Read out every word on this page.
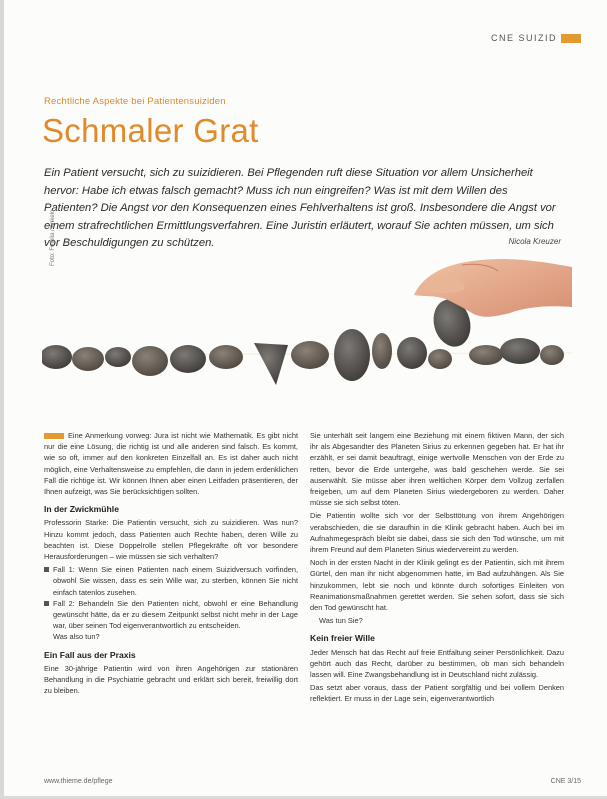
CNE SUIZID
Rechtliche Aspekte bei Patientensuiziden
Schmaler Grat
Ein Patient versucht, sich zu suizidieren. Bei Pflegenden ruft diese Situation vor allem Unsicherheit hervor: Habe ich etwas falsch gemacht? Muss ich nun eingreifen? Was ist mit dem Willen des Patienten? Die Angst vor den Konsequenzen eines Fehlverhaltens ist groß. Insbesondere die Angst vor einem strafrechtlichen Ermittlungsverfahren. Eine Juristin erläutert, worauf Sie achten müssen, um sich vor Beschuldigungen zu schützen.	Nicola Kreuzer
Foto: Fotolia / Ankelo

Eine Anmerkung vorweg: Jura ist nicht wie Mathematik. Es gibt nicht nur die eine Lösung, die richtig ist und alle anderen sind falsch. Es kommt, wie so oft, immer auf den konkreten Einzelfall an. Es ist daher auch nicht möglich, eine Verhaltensweise zu empfehlen, die dann in jedem erdenklichen Fall die richtige ist. Wir können Ihnen aber einen Leitfaden präsentieren, der Ihnen aufzeigt, was Sie berücksichtigen sollten.

In der Zwickmühle

Professorin Starke: Die Patientin versucht, sich zu suizidieren. Was nun? Hinzu kommt jedoch, dass Patienten auch Rechte haben, deren Wille zu beachten ist. Diese Doppelrolle stellen Pflegekräfte oft vor besondere Herausforderungen – wie müssen sie sich verhalten?

Fall 1: Wenn Sie einen Patienten nach einem Suizidversuch vorfinden, obwohl Sie wissen, dass es sein Wille war, zu sterben, können Sie nicht einfach tatenlos zusehen.
Fall 2: Behandeln Sie den Patienten nicht, obwohl er eine Behandlung gewünscht hätte, da er zu diesem Zeitpunkt selbst nicht mehr in der Lage war, über seinen Tod eigenverantwortlich zu entscheiden.

Was also tun?

Ein Fall aus der Praxis

Eine 30-jährige Patientin wird von ihren Angehörigen zur stationären Behandlung in die Psychiatrie gebracht und erklärt sich bereit, freiwillig dort zu bleiben.

Sie unterhält seit langem eine Beziehung mit einem fiktiven Mann, der sich ihr als Abgesandter des Planeten Sirius zu erkennen gegeben hat. Er hat ihr erzählt, er sei damit beauftragt, einige wertvolle Menschen von der Erde zu retten, bevor die Erde untergehe, was bald geschehen werde. Sie sei auserwählt. Sie müsse aber ihren weltlichen Körper dem Vollzug zerfallen freigeben, um auf dem Planeten Sirius wiedergeboren zu werden. Daher müsse sie sich selbst töten.

Die Patientin wollte sich vor der Selbsttötung von ihrem Angehörigen verabschieden, die sie daraufhin in die Klinik gebracht haben. Auch bei im Aufnahmegespräch bleibt sie dabei, dass sie sich den Tod wünsche, um mit ihrem Freund auf dem Planeten Sirius wiedervereint zu werden.

Noch in der ersten Nacht in der Klinik gelingt es der Patientin, sich mit ihrem Gürtel, den man ihr nicht abgenommen hatte, im Bad aufzuhängen. Als Sie hinzukommen, lebt sie noch und könnte durch sofortiges Einleiten von Reanimationsmaßnahmen gerettet werden. Sie sehen sofort, dass sie sich den Tod gewünscht hat.

Was tun Sie?

Kein freier Wille

Jeder Mensch hat das Recht auf freie Entfaltung seiner Persönlichkeit. Dazu gehört auch das Recht, darüber zu bestimmen, ob man sich behandeln lassen will. Eine Zwangsbehandlung ist in Deutschland nicht zulässig.

Das setzt aber voraus, dass der Patient sorgfältig und bei vollem Denken reflektiert. Er muss in der Lage sein, eigenverantwortlich

www.thieme.de/pflege	CNE 3/15
